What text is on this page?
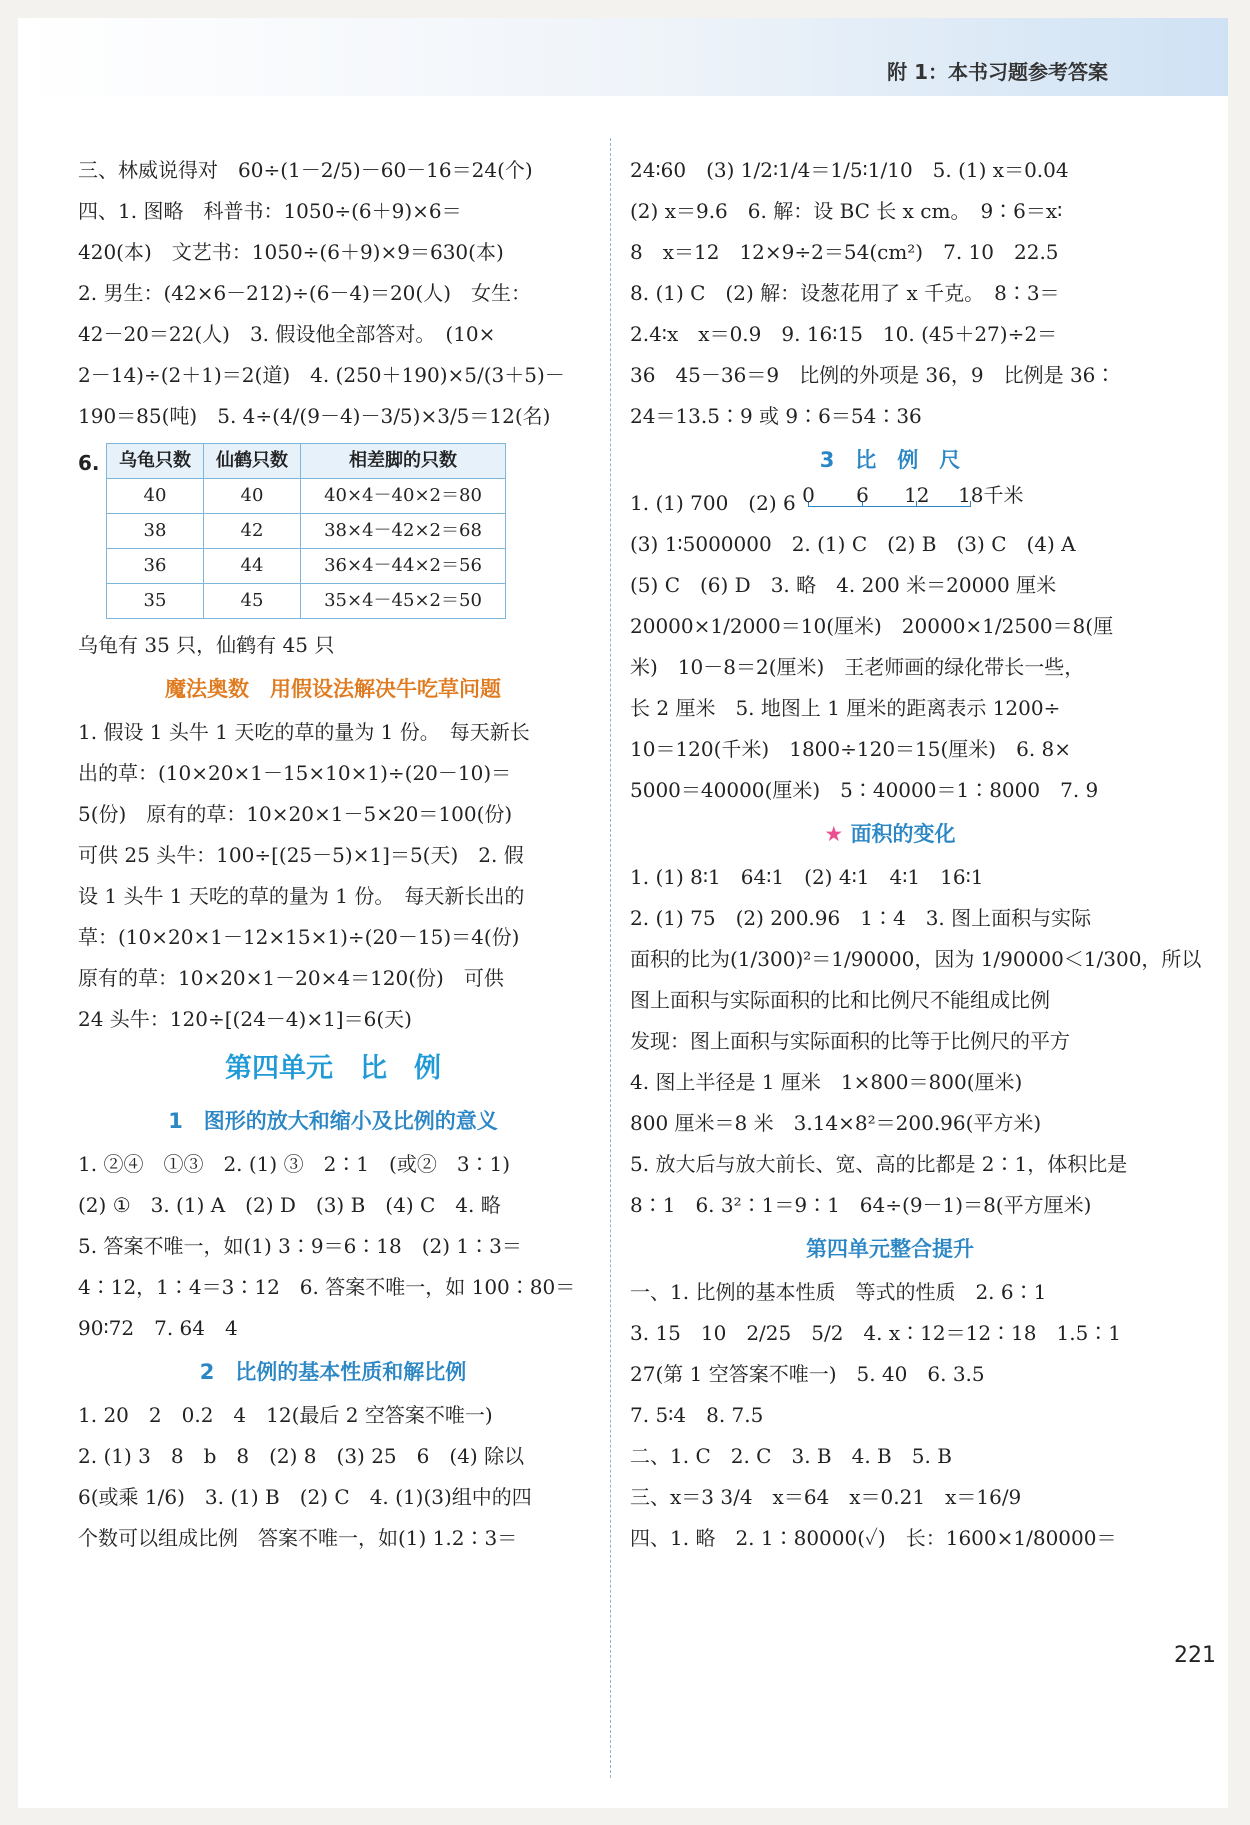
附 1：本书习题参考答案
三、林威说得对　60÷(1－2/5)－60－16＝24(个)
四、1. 图略　科普书：1050÷(6＋9)×6＝
420(本)　文艺书：1050÷(6＋9)×9＝630(本)
2. 男生：(42×6－212)÷(6－4)＝20(人)　女生：
42－20＝22(人)　3. 假设他全部答对。　(10×
2－14)÷(2＋1)＝2(道)　4. (250＋190)×5/(3＋5)－
190＝85(吨)　5. 4÷(4/(9－4)－3/5)×3/5＝12(名)
6. 乌龟只数	仙鹤只数	相差脚的只数
40	40	40×4－40×2＝80
38	42	38×4－42×2＝68
36	44	36×4－44×2＝56
35	45	35×4－45×2＝50
乌龟有 35 只，仙鹤有 45 只
魔法奥数　用假设法解决牛吃草问题
1. 假设 1 头牛 1 天吃的草的量为 1 份。　每天新长
出的草：(10×20×1－15×10×1)÷(20－10)＝
5(份)　原有的草：10×20×1－5×20＝100(份)
可供 25 头牛：100÷[(25－5)×1]＝5(天)　2. 假
设 1 头牛 1 天吃的草的量为 1 份。　每天新长出的
草：(10×20×1－12×15×1)÷(20－15)＝4(份)
原有的草：10×20×1－20×4＝120(份)　可供
24 头牛：120÷[(24－4)×1]＝6(天)
第四单元　比　例
1　图形的放大和缩小及比例的意义
1. ②④　①③　2. (1) ③　2∶1　(或②　3∶1)
(2) ①　3. (1) A　(2) D　(3) B　(4) C　4. 略
5. 答案不唯一，如(1) 3∶9＝6∶18　(2) 1∶3＝
4∶12，1∶4＝3∶12　6. 答案不唯一，如 100∶80＝
90∶72　7. 64　4
2　比例的基本性质和解比例
1. 20　2　0.2　4　12(最后 2 空答案不唯一)
2. (1) 3　8　b　8　(2) 8　(3) 25　6　(4) 除以
6(或乘 1/6)　3. (1) B　(2) C　4. (1)(3)组中的四
个数可以组成比例　答案不唯一，如(1) 1.2∶3＝
24∶60　(3) 1/2∶1/4＝1/5∶1/10　5. (1) x＝0.04
(2) x＝9.6　6. 解：设 BC 长 x cm。　9∶6＝x∶
8　x＝12　12×9÷2＝54(cm²)　7. 10　22.5
8. (1) C　(2) 解：设葱花用了 x 千克。　8∶3＝
2.4∶x　x＝0.9　9. 16∶15　10. (45＋27)÷2＝
36　45－36＝9　比例的外项是 36，9　比例是 36∶
24＝13.5∶9 或 9∶6＝54∶36
3　比　例　尺
1. (1) 700　(2) 6 0 6 12 18千米
(3) 1∶5000000　2. (1) C　(2) B　(3) C　(4) A
(5) C　(6) D　3. 略　4. 200 米＝20000 厘米
20000×1/2000＝10(厘米)　20000×1/2500＝8(厘
米)　10－8＝2(厘米)　王老师画的绿化带长一些，
长 2 厘米　5. 地图上 1 厘米的距离表示 1200÷
10＝120(千米)　1800÷120＝15(厘米)　6. 8×
5000＝40000(厘米)　5∶40000＝1∶8000　7. 9
★ 面积的变化
1. (1) 8∶1　64∶1　(2) 4∶1　4∶1　16∶1
2. (1) 75　(2) 200.96　1∶4　3. 图上面积与实际
面积的比为(1/300)²＝1/90000，因为 1/90000＜1/300，所以
图上面积与实际面积的比和比例尺不能组成比例
发现：图上面积与实际面积的比等于比例尺的平方
4. 图上半径是 1 厘米　1×800＝800(厘米)
800 厘米＝8 米　3.14×8²＝200.96(平方米)
5. 放大后与放大前长、宽、高的比都是 2∶1，体积比是
8∶1　6. 3²∶1＝9∶1　64÷(9－1)＝8(平方厘米)
第四单元整合提升
一、1. 比例的基本性质　等式的性质　2. 6∶1
3. 15　10　2/25　5/2　4. x∶12＝12∶18　1.5∶1
27(第 1 空答案不唯一)　5. 40　6. 3.5
7. 5∶4　8. 7.5
二、1. C　2. C　3. B　4. B　5. B
三、x＝3 3/4　x＝64　x＝0.21　x＝16/9
四、1. 略　2. 1∶80000(✓)　长：1600×1/80000＝
221
